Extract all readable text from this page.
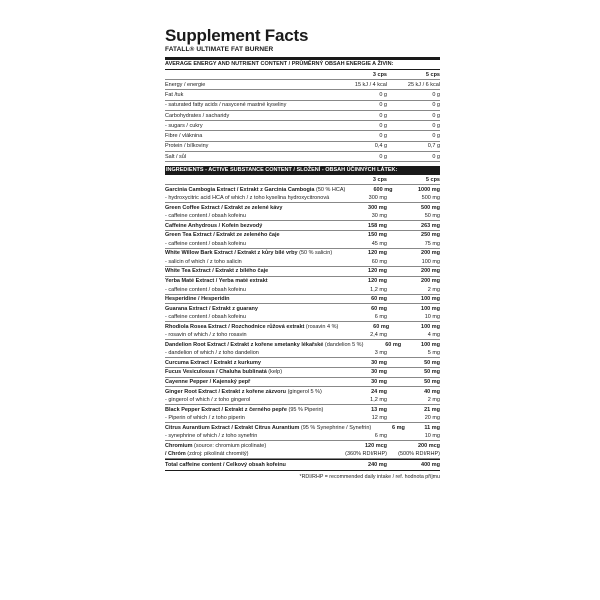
Supplement Facts
FATALL® ULTIMATE FAT BURNER
AVERAGE ENERGY AND NUTRIENT CONTENT / PRŮMĚRNÝ OBSAH ENERGIE A ŽIVIN:
3 cps	5 cps
Energy / energie	15 kJ / 4 kcal	25 kJ / 6 kcal
Fat /tuk	0 g	0 g
- saturated fatty acids / nasycené mastné kyseliny	0 g	0 g
Carbohydrates / sacharidy	0 g	0 g
- sugars / cukry	0 g	0 g
Fibre / vláknina	0 g	0 g
Protein / bílkoviny	0,4 g	0,7 g
Salt / sůl	0 g	0 g
INGREDIENTS - ACTIVE SUBSTANCE CONTENT / SLOŽENÍ - OBSAH ÚČINNÝCH LÁTEK:
3 cps	5 cps
Garcinia Cambogia Extract / Extrakt z Garcinia Cambogia (50 % HCA)	600 mg	1000 mg
- hydroxycitric acid HCA of which / z toho kyselina hydroxycitronová	300 mg	500 mg
Green Coffee Extract / Extrakt ze zelené kávy	300 mg	500 mg
- caffeine content / obsah kofeinu	30 mg	50 mg
Caffeine Anhydrous / Kofein bezvodý	158 mg	263 mg
Green Tea Extract / Extrakt ze zeleného čaje	150 mg	250 mg
- caffeine content / obsah kofeinu	45 mg	75 mg
White Willow Bark Extract / Extrakt z kůry bílé vrby (50 % salicin)	120 mg	200 mg
- salicin of which / z toho salicin	60 mg	100 mg
White Tea Extract / Extrakt z bílého čaje	120 mg	200 mg
Yerba Maté Extract / Yerba maté extrakt	120 mg	200 mg
- caffeine content / obsah kofeinu	1,2 mg	2 mg
Hesperidine / Hesperidin	60 mg	100 mg
Guarana Extract / Extrakt z guarany	60 mg	100 mg
- caffeine content / obsah kofeinu	6 mg	10 mg
Rhodiola Rosea Extract / Rozchodnice růžová extrakt (rosavin 4 %)	60 mg	100 mg
- rosavin of which / z toho rosavin	2,4 mg	4 mg
Dandelion Root Extract / Extrakt z kořene smetanky lékařské (dandelion 5 %)	60 mg	100 mg
- dandelion of which / z toho dandelion	3 mg	5 mg
Curcuma Extract / Extrakt z kurkumy	30 mg	50 mg
Fucus Vesiculosus / Chaluha bublinatá (kelp)	30 mg	50 mg
Cayenne Pepper / Kajenský pepř	30 mg	50 mg
Ginger Root Extract / Extrakt z kořene zázvoru (gingerol 5 %)	24 mg	40 mg
- gingerol of which / z toho gingerol	1,2 mg	2 mg
Black Pepper Extract / Extrakt z černého pepře (95 % Piperin)	13 mg	21 mg
- Piperin of which / z toho piperin	12 mg	20 mg
Citrus Aurantium Extract / Extrakt Citrus Aurantium (95 % Synephrine / Synefrin)	6 mg	11 mg
- synephrine of which / z toho synefrin	6 mg	10 mg
Chromium (source: chromium picolinate)	120 mcg	200 mcg
/ Chróm (zdroj: pikolinát chromitý)	(360% RDI/RHP)	(500% RDI/RHP)
Total caffeine content / Celkový obsah kofeinu	240 mg	400 mg
*RDI/RHP = recommended daily intake / ref. hodnota příjmu
